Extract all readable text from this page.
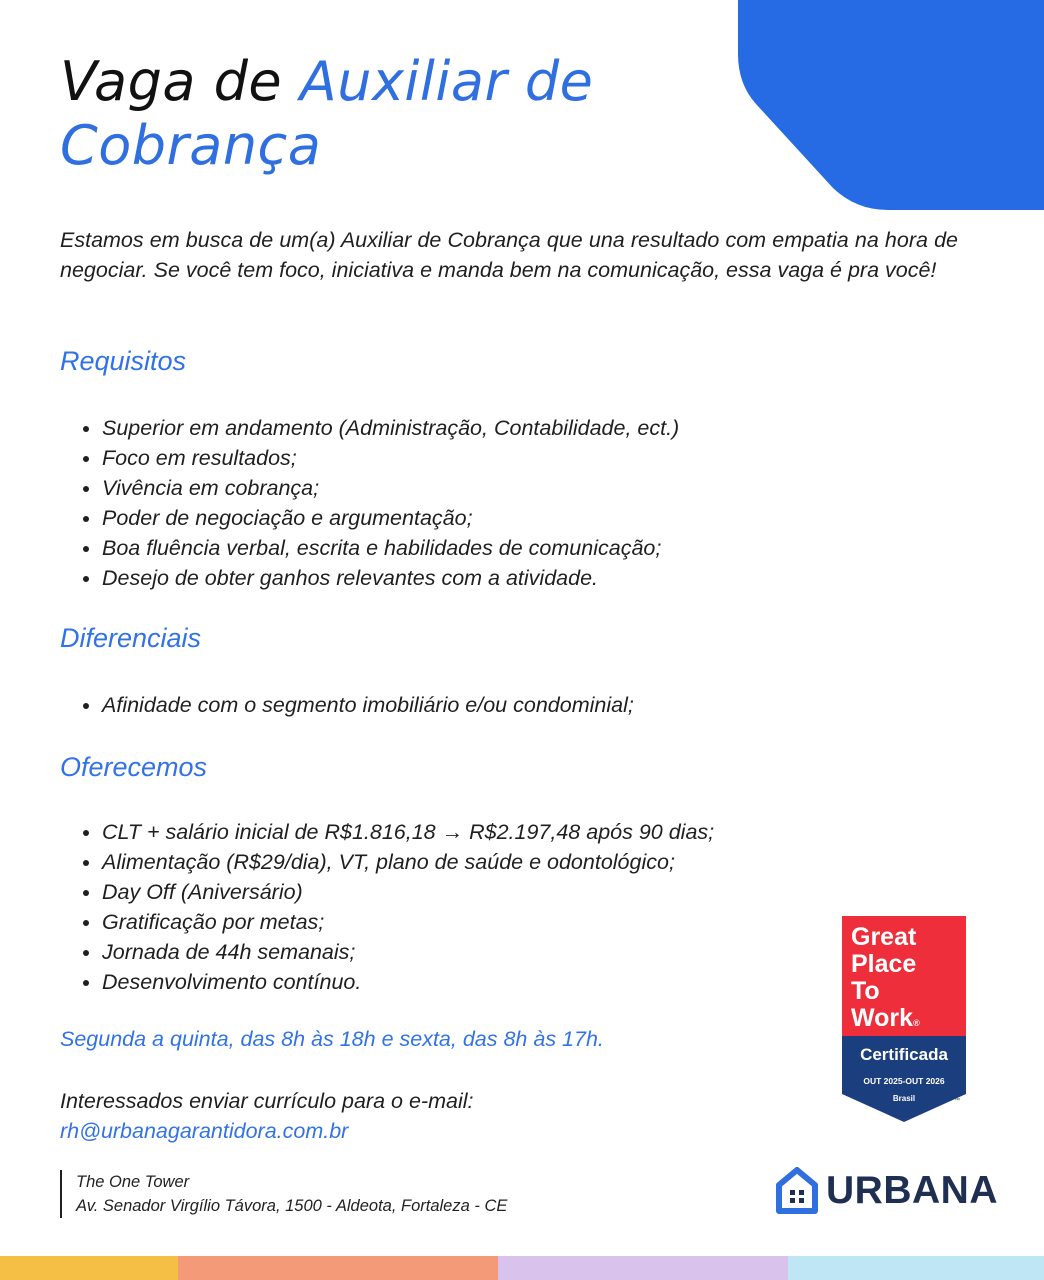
Vaga de Auxiliar de
Cobrança

Estamos em busca de um(a) Auxiliar de Cobrança que una resultado com empatia na hora de negociar. Se você tem foco, iniciativa e manda bem na comunicação, essa vaga é pra você!

Requisitos
• Superior em andamento (Administração, Contabilidade, ect.)
• Foco em resultados;
• Vivência em cobrança;
• Poder de negociação e argumentação;
• Boa fluência verbal, escrita e habilidades de comunicação;
• Desejo de obter ganhos relevantes com a atividade.
Diferenciais
• Afinidade com o segmento imobiliário e/ou condominial;
Oferecemos
• CLT + salário inicial de R$1.816,18 → R$2.197,48 após 90 dias;
• Alimentação (R$29/dia), VT, plano de saúde e odontológico;
• Day Off (Aniversário)
• Gratificação por metas;
• Jornada de 44h semanais;
• Desenvolvimento contínuo.

Segunda a quinta, das 8h às 18h e sexta, das 8h às 17h.

Interessados enviar currículo para o e-mail:

rh@urbanagarantidora.com.br
The One Tower
Av. Senador Virgílio Távora, 1500 - Aldeota, Fortaleza - CE
Great
Place
To
Work®
Certificada
OUT 2025-OUT 2026
Brasil	™
URBANA
